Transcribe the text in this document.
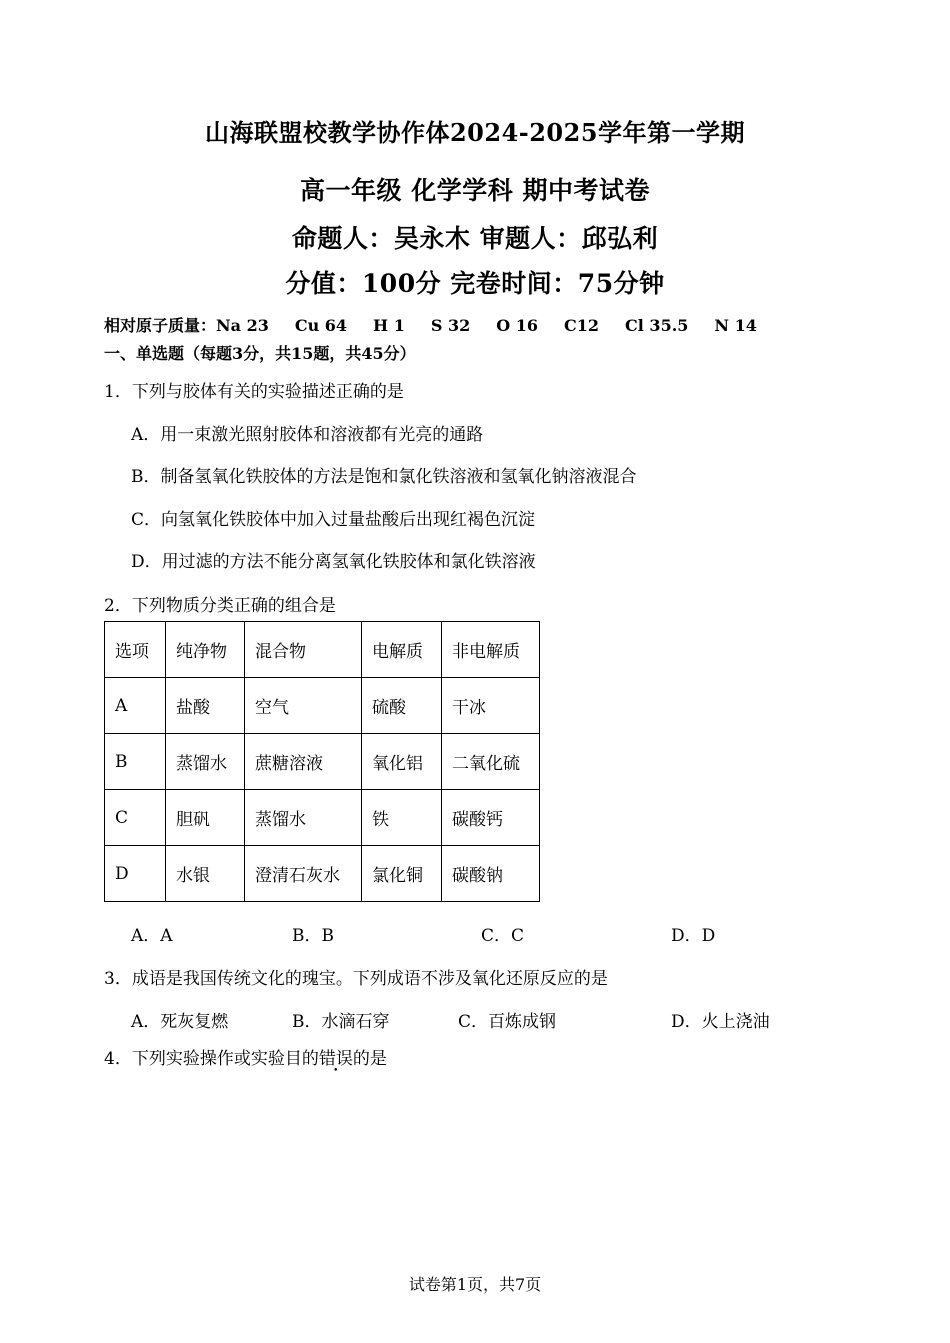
山海联盟校教学协作体2024-2025学年第一学期
高一年级 化学学科 期中考试卷
命题人：吴永木 审题人：邱弘利
分值：100分 完卷时间：75分钟
相对原子质量：Na 23 Cu 64 H 1 S 32 O 16 C12 Cl 35.5 N 14
一、单选题（每题3分，共15题，共45分）
1．下列与胶体有关的实验描述正确的是
A．用一束激光照射胶体和溶液都有光亮的通路
B．制备氢氧化铁胶体的方法是饱和氯化铁溶液和氢氧化钠溶液混合
C．向氢氧化铁胶体中加入过量盐酸后出现红褐色沉淀
D．用过滤的方法不能分离氢氧化铁胶体和氯化铁溶液
2．下列物质分类正确的组合是
选项	纯净物	混合物	电解质	非电解质
A	盐酸	空气	硫酸	干冰
B	蒸馏水	蔗糖溶液	氧化铝	二氧化硫
C	胆矾	蒸馏水	铁	碳酸钙
D	水银	澄清石灰水	氯化铜	碳酸钠
A．A	B．B	C．C	D．D
3．成语是我国传统文化的瑰宝。下列成语不涉及氧化还原反应的是
A．死灰复燃	B．水滴石穿	C．百炼成钢	D．火上浇油
4．下列实验操作或实验目的错误的是
试卷第1页，共7页
